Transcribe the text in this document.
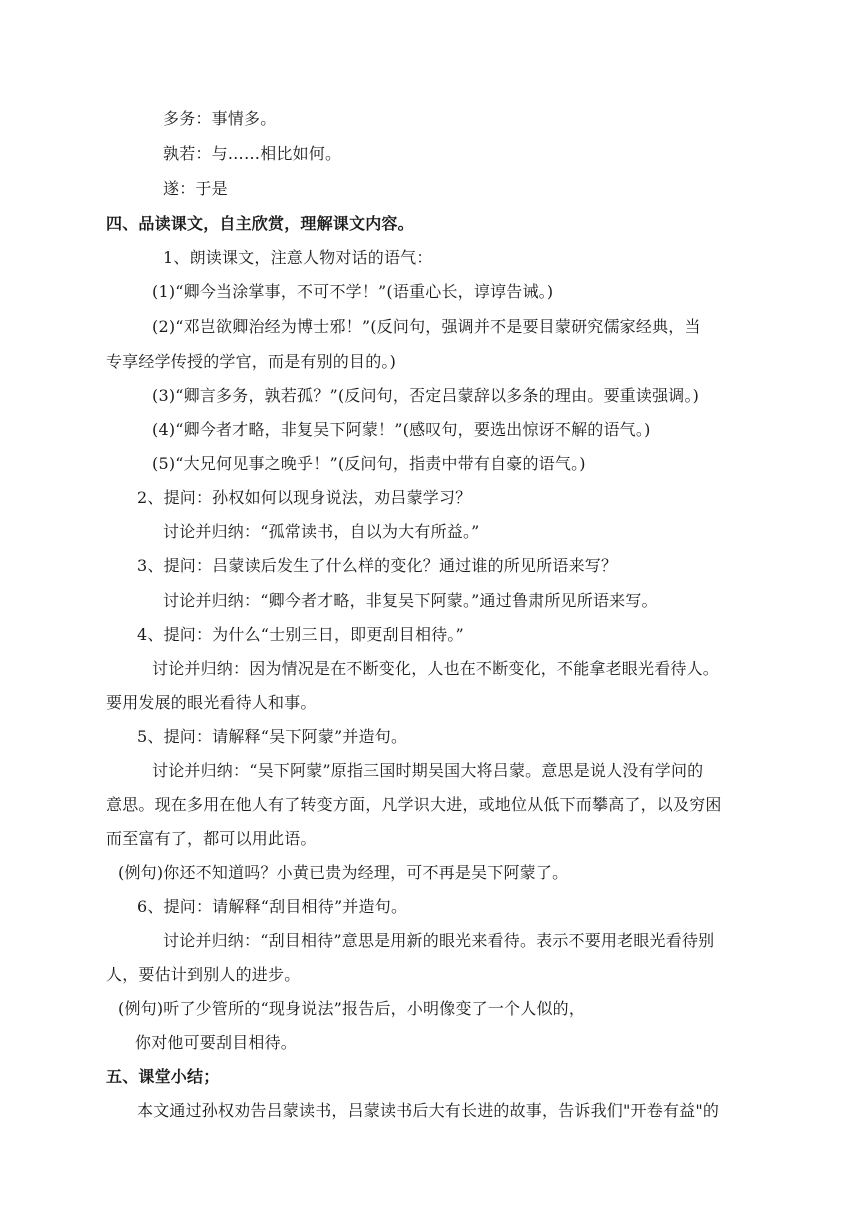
多务：事情多。
孰若：与……相比如何。
遂：于是
四、品读课文，自主欣赏，理解课文内容。
1、朗读课文，注意人物对话的语气：
(1)“卿今当涂掌事，不可不学！”(语重心长，谆谆告诫。)
(2)“邓岂欲卿治经为博士邪！”(反问句，强调并不是要目蒙研究儒家经典，当
专享经学传授的学官，而是有别的目的。)
(3)“卿言多务，孰若孤？”(反问句，否定吕蒙辞以多条的理由。要重读强调。)
(4)“卿今者才略，非复吴下阿蒙！”(感叹句，要选出惊讶不解的语气。)
(5)“大兄何见事之晚乎！”(反问句，指责中带有自豪的语气。)
2、提问：孙权如何以现身说法，劝吕蒙学习？
讨论并归纳：“孤常读书，自以为大有所益。”
3、提问：吕蒙读后发生了什么样的变化？通过谁的所见所语来写？
讨论并归纳：“卿今者才略，非复吴下阿蒙。”通过鲁肃所见所语来写。
4、提问：为什么“士别三日，即更刮目相待。”
讨论并归纳：因为情况是在不断变化，人也在不断变化，不能拿老眼光看待人。
要用发展的眼光看待人和事。
5、提问：请解释“吴下阿蒙”并造句。
讨论并归纳：“吴下阿蒙”原指三国时期吴国大将吕蒙。意思是说人没有学问的
意思。现在多用在他人有了转变方面，凡学识大进，或地位从低下而攀高了，以及穷困
而至富有了，都可以用此语。
(例句)你还不知道吗？小黄已贵为经理，可不再是吴下阿蒙了。
6、提问：请解释“刮目相待”并造句。
讨论并归纳：“刮目相待”意思是用新的眼光来看待。表示不要用老眼光看待别
人，要估计到别人的进步。
(例句)听了少管所的“现身说法”报告后，小明像变了一个人似的，
你对他可要刮目相待。
五、课堂小结；
本文通过孙权劝告吕蒙读书，吕蒙读书后大有长进的故事，告诉我们"开卷有益"的
